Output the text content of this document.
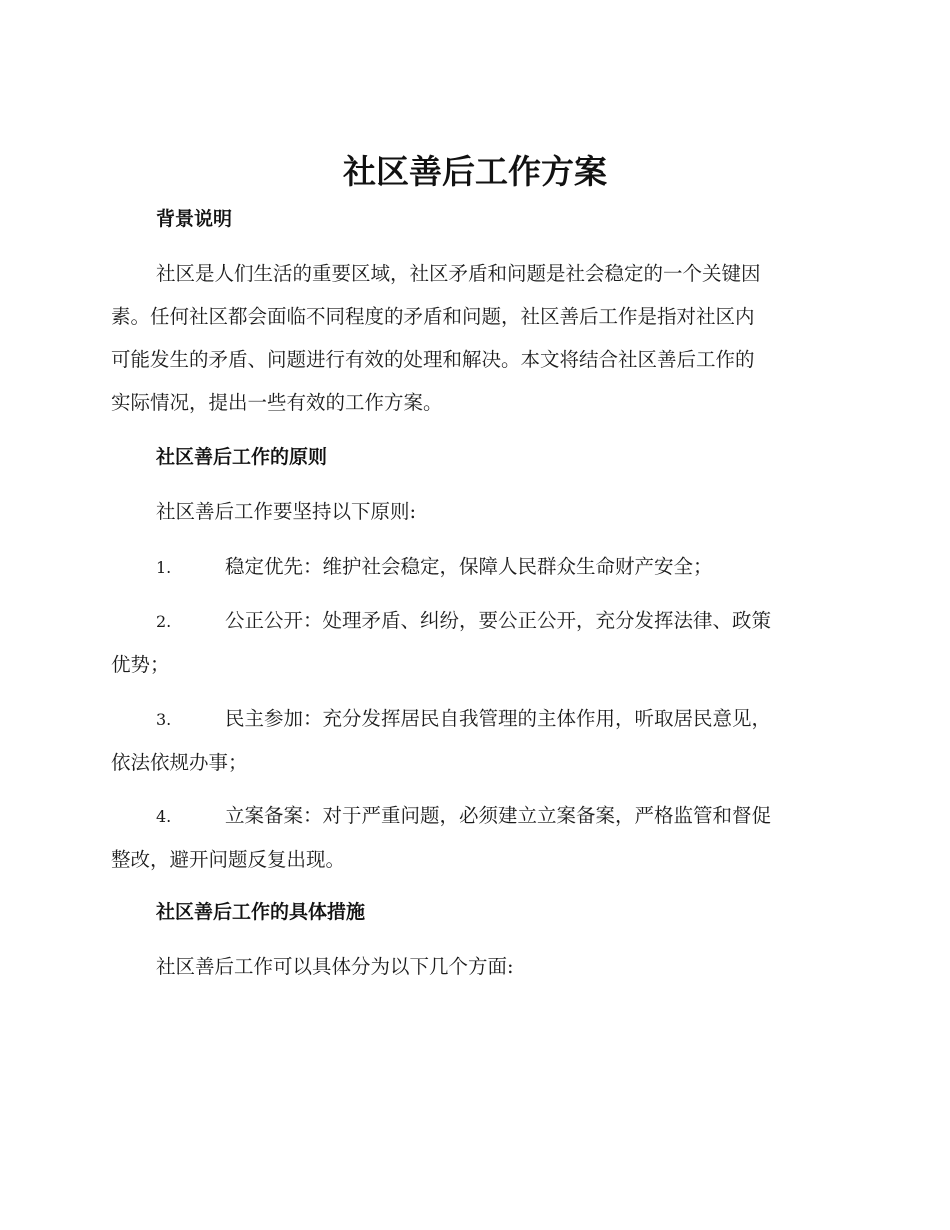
社区善后工作方案
背景说明
社区是人们生活的重要区域，社区矛盾和问题是社会稳定的一个关键因
素。任何社区都会面临不同程度的矛盾和问题，社区善后工作是指对社区内
可能发生的矛盾、问题进行有效的处理和解决。本文将结合社区善后工作的
实际情况，提出一些有效的工作方案。
社区善后工作的原则
社区善后工作要坚持以下原则:
1.	稳定优先：维护社会稳定，保障人民群众生命财产安全；
2.	公正公开：处理矛盾、纠纷，要公正公开，充分发挥法律、政策
优势；
3.	民主参加：充分发挥居民自我管理的主体作用，听取居民意见，
依法依规办事；
4.	立案备案：对于严重问题，必须建立立案备案，严格监管和督促
整改，避开问题反复出现。
社区善后工作的具体措施
社区善后工作可以具体分为以下几个方面:
